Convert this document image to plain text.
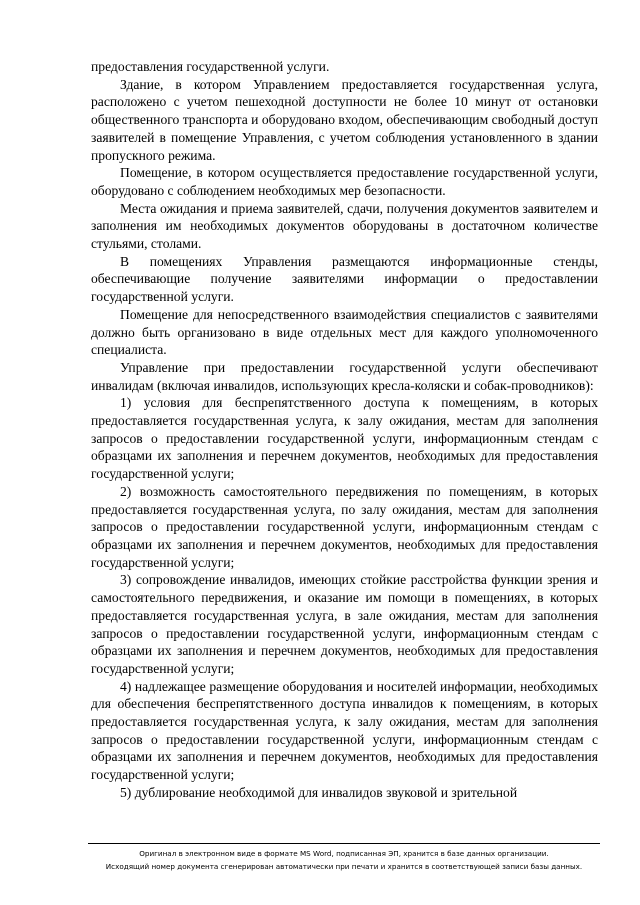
предоставления государственной услуги.

Здание, в котором Управлением предоставляется государственная услуга, расположено с учетом пешеходной доступности не более 10 минут от остановки общественного транспорта и оборудовано входом, обеспечивающим свободный доступ заявителей в помещение Управления, с учетом соблюдения установленного в здании пропускного режима.

Помещение, в котором осуществляется предоставление государственной услуги, оборудовано с соблюдением необходимых мер безопасности.

Места ожидания и приема заявителей, сдачи, получения документов заявителем и заполнения им необходимых документов оборудованы в достаточном количестве стульями, столами.

В помещениях Управления размещаются информационные стенды, обеспечивающие получение заявителями информации о предоставлении государственной услуги.

Помещение для непосредственного взаимодействия специалистов с заявителями должно быть организовано в виде отдельных мест для каждого уполномоченного специалиста.

Управление при предоставлении государственной услуги обеспечивают инвалидам (включая инвалидов, использующих кресла-коляски и собак-проводников):

1) условия для беспрепятственного доступа к помещениям, в которых предоставляется государственная услуга, к залу ожидания, местам для заполнения запросов о предоставлении государственной услуги, информационным стендам с образцами их заполнения и перечнем документов, необходимых для предоставления государственной услуги;

2) возможность самостоятельного передвижения по помещениям, в которых предоставляется государственная услуга, по залу ожидания, местам для заполнения запросов о предоставлении государственной услуги, информационным стендам с образцами их заполнения и перечнем документов, необходимых для предоставления государственной услуги;

3) сопровождение инвалидов, имеющих стойкие расстройства функции зрения и самостоятельного передвижения, и оказание им помощи в помещениях, в которых предоставляется государственная услуга, в зале ожидания, местам для заполнения запросов о предоставлении государственной услуги, информационным стендам с образцами их заполнения и перечнем документов, необходимых для предоставления государственной услуги;

4) надлежащее размещение оборудования и носителей информации, необходимых для обеспечения беспрепятственного доступа инвалидов к помещениям, в которых предоставляется государственная услуга, к залу ожидания, местам для заполнения запросов о предоставлении государственной услуги, информационным стендам с образцами их заполнения и перечнем документов, необходимых для предоставления государственной услуги;

5) дублирование необходимой для инвалидов звуковой и зрительной

Оригинал в электронном виде в формате MS Word, подписанная ЭП, хранится в базе данных организации.
Исходящий номер документа сгенерирован автоматически при печати и хранится в соответствующей записи базы данных.
